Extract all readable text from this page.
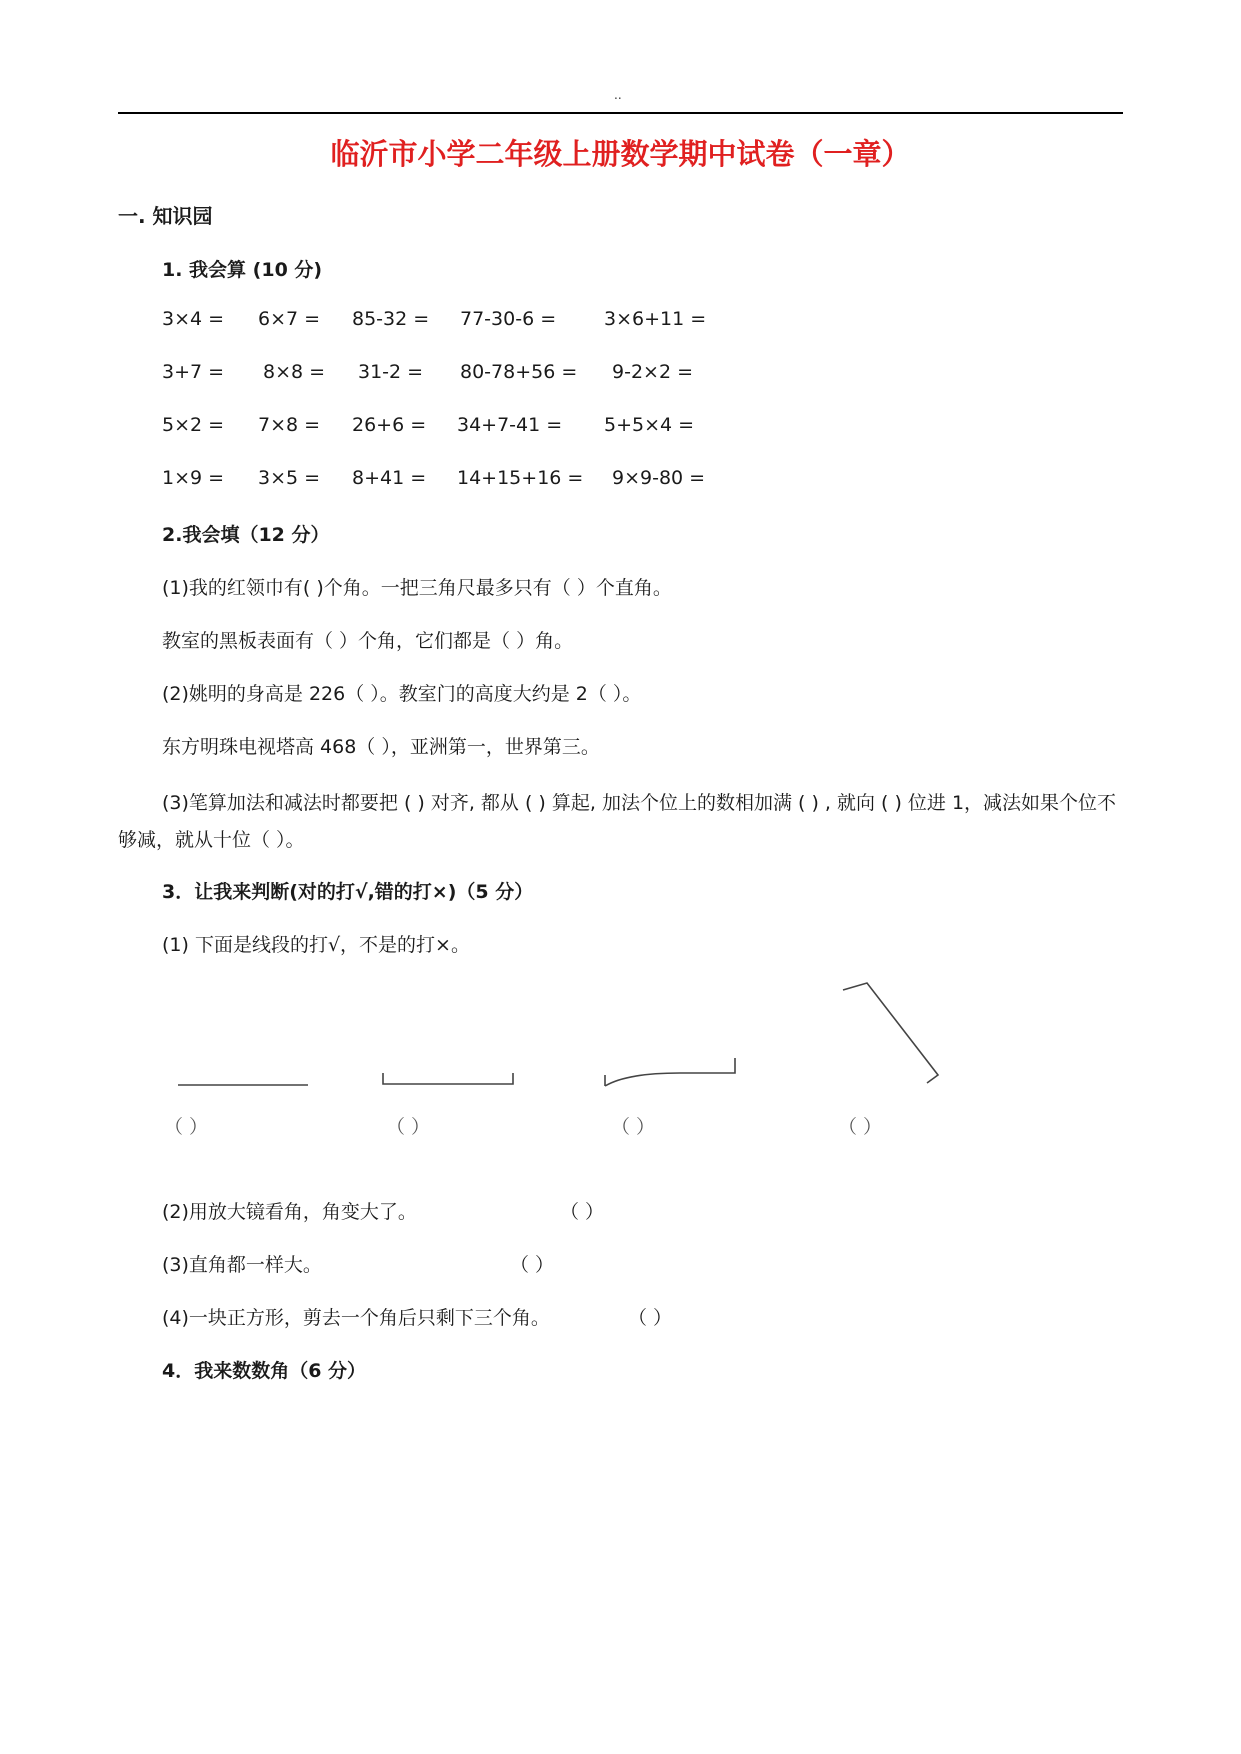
..
临沂市小学二年级上册数学期中试卷（一章）
一. 知识园
1. 我会算 (10 分)
3×4 = 6×7 = 85-32 = 77-30-6 =	3×6+11 =
3+7 = 8×8 = 31-2 = 80-78+56 = 9-2×2 =
5×2 = 7×8 = 26+6 = 34+7-41 = 5+5×4 =
1×9 = 3×5 = 8+41 = 14+15+16 = 9×9-80 =
2.我会填（12 分）
(1)我的红领巾有( )个角。一把三角尺最多只有（ ）个直角。
教室的黑板表面有（ ）个角，它们都是（ ）角。
(2)姚明的身高是 226（ ）。教室门的高度大约是 2（ ）。
东方明珠电视塔高 468（ ），亚洲第一，世界第三。
(3)笔算加法和减法时都要把 ( ) 对齐, 都从 ( ) 算起, 加法个位上的数相加满 ( ) , 就向 ( ) 位进 1，减法如果个位不够减，就从十位（ ）。
3．让我来判断(对的打√,错的打×)（5 分）
(1) 下面是线段的打√，不是的打×。
（ ）	（ ）	（ ）	（ ）
(2)用放大镜看角，角变大了。	（ ）
(3)直角都一样大。	（ ）
(4)一块正方形，剪去一个角后只剩下三个角。	（ ）
4．我来数数角（6 分）
